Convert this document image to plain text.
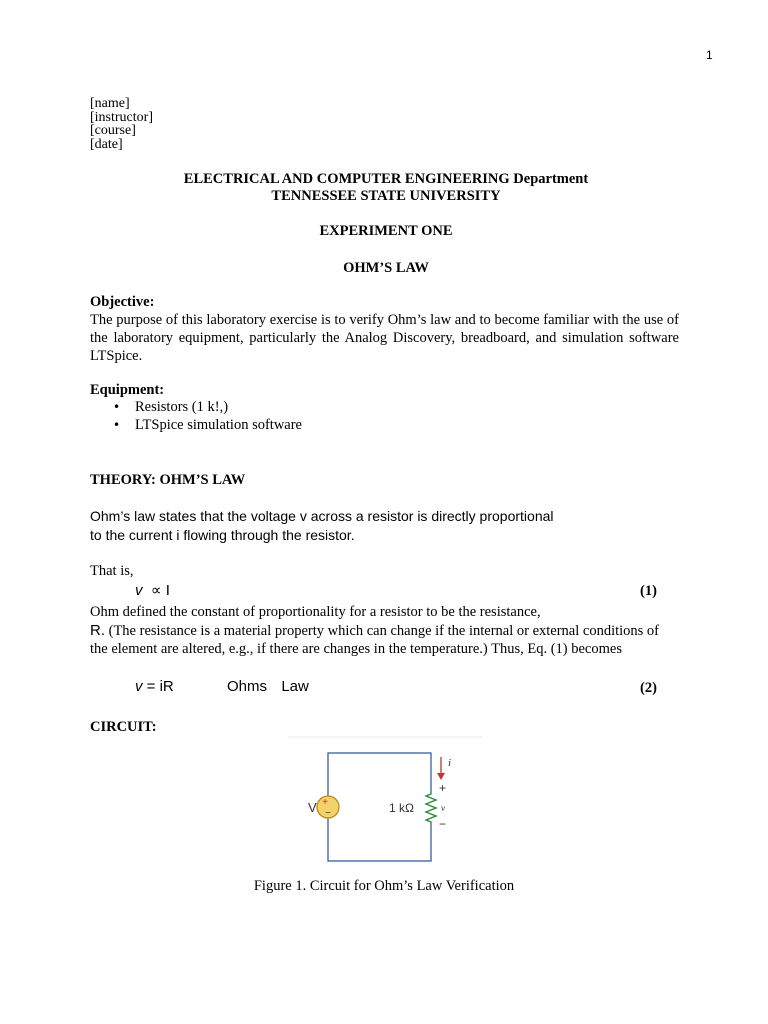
1
[name]
[instructor]
[course]
[date]
ELECTRICAL AND COMPUTER ENGINEERING Department
TENNESSEE STATE UNIVERSITY
EXPERIMENT ONE
OHM’S LAW
Objective:
The purpose of this laboratory exercise is to verify Ohm’s law and to become familiar with the use of the laboratory equipment, particularly the Analog Discovery, breadboard, and simulation software LTSpice.
Equipment:
• Resistors (1 k!,)
• LTSpice simulation software
THEORY: OHM’S LAW
Ohm’s law states that the voltage v across a resistor is directly proportional
to the current i flowing through the resistor.
That is,
v  ∝ I	(1)
Ohm defined the constant of proportionality for a resistor to be the resistance,
R. (The resistance is a material property which can change if the internal or external conditions of the element are altered, e.g., if there are changes in the temperature.) Thus, Eq. (1) becomes
v = iR	Ohms  Law	(2)
CIRCUIT:
+
−
V	1 kΩ
i
+
v
−
Figure 1. Circuit for Ohm’s Law Verification
